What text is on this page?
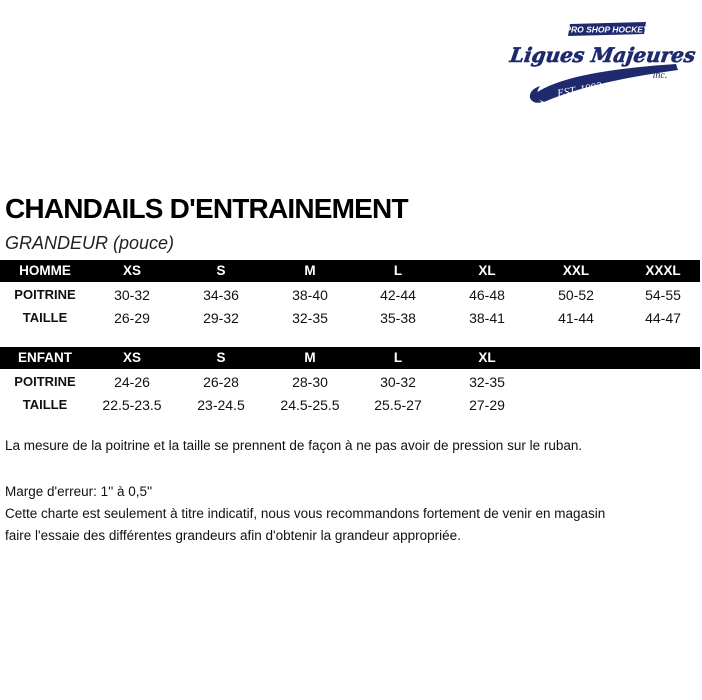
PRO SHOP HOCKEY
Ligues Majeures
EST. 1992
inc.
CHANDAILS D'ENTRAINEMENT
GRANDEUR (pouce)
HOMME	XS	S	M	L	XL	XXL	XXXL
POITRINE	30-32	34-36	38-40	42-44	46-48	50-52	54-55
TAILLE	26-29	29-32	32-35	35-38	38-41	41-44	44-47
ENFANT	XS	S	M	L	XL
POITRINE	24-26	26-28	28-30	30-32	32-35
TAILLE	22.5-23.5	23-24.5	24.5-25.5	25.5-27	27-29
La mesure de la poitrine et la taille se prennent de façon à ne pas avoir de pression sur le ruban.
Marge d'erreur: 1'' à 0,5''
Cette charte est seulement à titre indicatif, nous vous recommandons fortement de venir en magasin
faire l'essaie des différentes grandeurs afin d'obtenir la grandeur appropriée.
